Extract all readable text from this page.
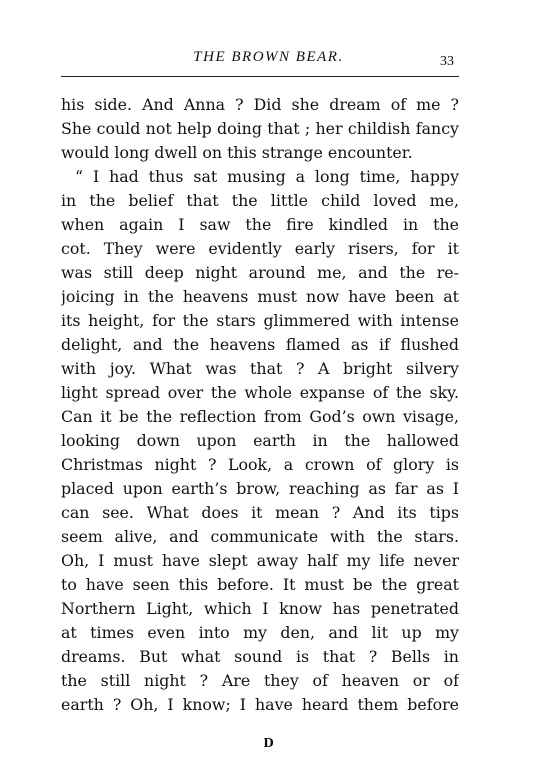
THE BROWN BEAR.	33
his side. And Anna ? Did she dream of me ?
She could not help doing that ; her childish fancy
would long dwell on this strange encounter.
“ I had thus sat musing a long time, happy
in the belief that the little child loved me,
when again I saw the fire kindled in the
cot. They were evidently early risers, for it
was still deep night around me, and the re-
joicing in the heavens must now have been at
its height, for the stars glimmered with intense
delight, and the heavens flamed as if flushed
with joy. What was that ? A bright silvery
light spread over the whole expanse of the sky.
Can it be the reflection from God’s own visage,
looking down upon earth in the hallowed
Christmas night ? Look, a crown of glory is
placed upon earth’s brow, reaching as far as I
can see. What does it mean ? And its tips
seem alive, and communicate with the stars.
Oh, I must have slept away half my life never
to have seen this before. It must be the great
Northern Light, which I know has penetrated
at times even into my den, and lit up my
dreams. But what sound is that ? Bells in
the still night ? Are they of heaven or of
earth ? Oh, I know; I have heard them before
D
